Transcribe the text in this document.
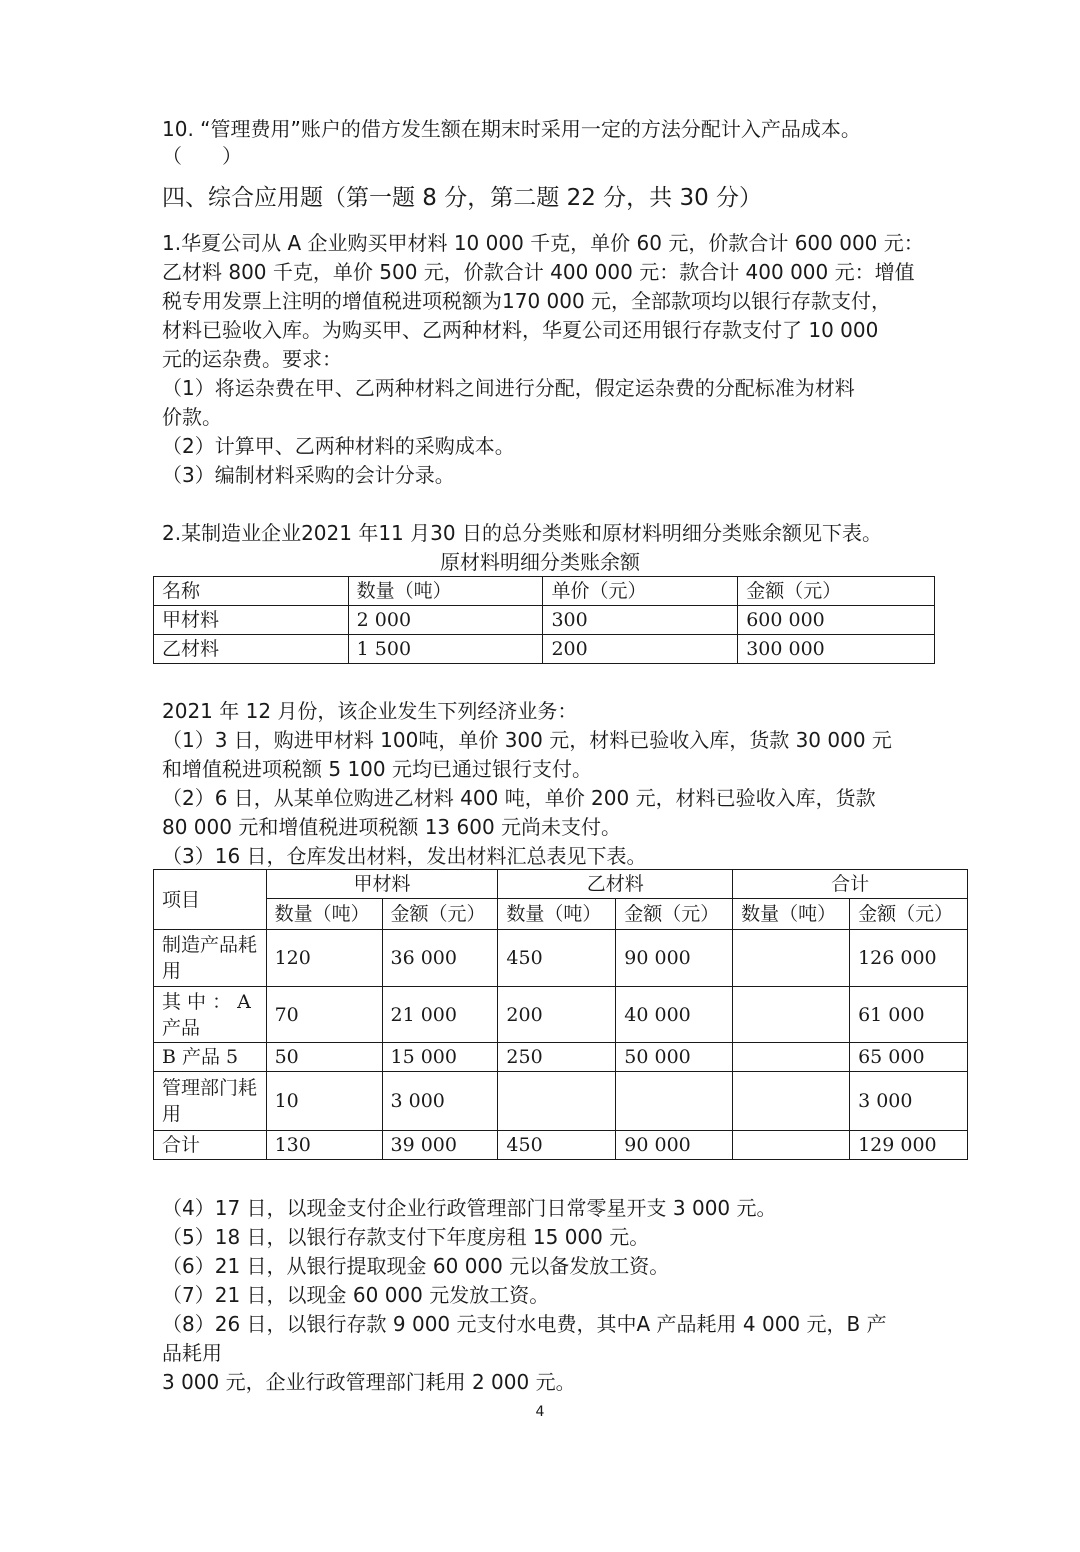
10. “管理费用”账户的借方发生额在期末时采用一定的方法分配计入产品成本。
（　　）
四、综合应用题（第一题 8 分，第二题 22 分，共 30 分）
1.华夏公司从 A 企业购买甲材料 10 000 千克，单价 60 元，价款合计 600 000 元：
乙材料 800 千克，单价 500 元，价款合计 400 000 元：款合计 400 000 元：增值
税专用发票上注明的增值税进项税额为170 000 元，全部款项均以银行存款支付，
材料已验收入库。为购买甲、乙两种材料，华夏公司还用银行存款支付了 10 000
元的运杂费。要求：
（1）将运杂费在甲、乙两种材料之间进行分配，假定运杂费的分配标准为材料
价款。
（2）计算甲、乙两种材料的采购成本。
（3）编制材料采购的会计分录。
2.某制造业企业2021 年11 月30 日的总分类账和原材料明细分类账余额见下表。
原材料明细分类账余额
名称	数量（吨）	单价（元）	金额（元）
甲材料	2 000	300	600 000
乙材料	1 500	200	300 000
2021 年 12 月份，该企业发生下列经济业务：
（1）3 日，购进甲材料 100吨，单价 300 元，材料已验收入库，货款 30 000 元
和增值税进项税额 5 100 元均已通过银行支付。
（2）6 日，从某单位购进乙材料 400 吨，单价 200 元，材料已验收入库，货款
80 000 元和增值税进项税额 13 600 元尚未支付。
（3）16 日，仓库发出材料，发出材料汇总表见下表。
项目	甲材料		乙材料		合计	
	数量（吨）	金额（元）	数量（吨）	金额（元）	数量（吨）	金额（元）
制造产品耗用	120	36 000	450	90 000		126 000
其 中 ： A 产品	70	21 000	200	40 000		61 000
B 产品 5	50	15 000	250	50 000		65 000
管理部门耗用	10	3 000				3 000
合计	130	39 000	450	90 000		129 000
（4）17 日，以现金支付企业行政管理部门日常零星开支 3 000 元。
（5）18 日，以银行存款支付下年度房租 15 000 元。
（6）21 日，从银行提取现金 60 000 元以备发放工资。
（7）21 日，以现金 60 000 元发放工资。
（8）26 日，以银行存款 9 000 元支付水电费，其中A 产品耗用 4 000 元，B 产
品耗用
3 000 元，企业行政管理部门耗用 2 000 元。
4
